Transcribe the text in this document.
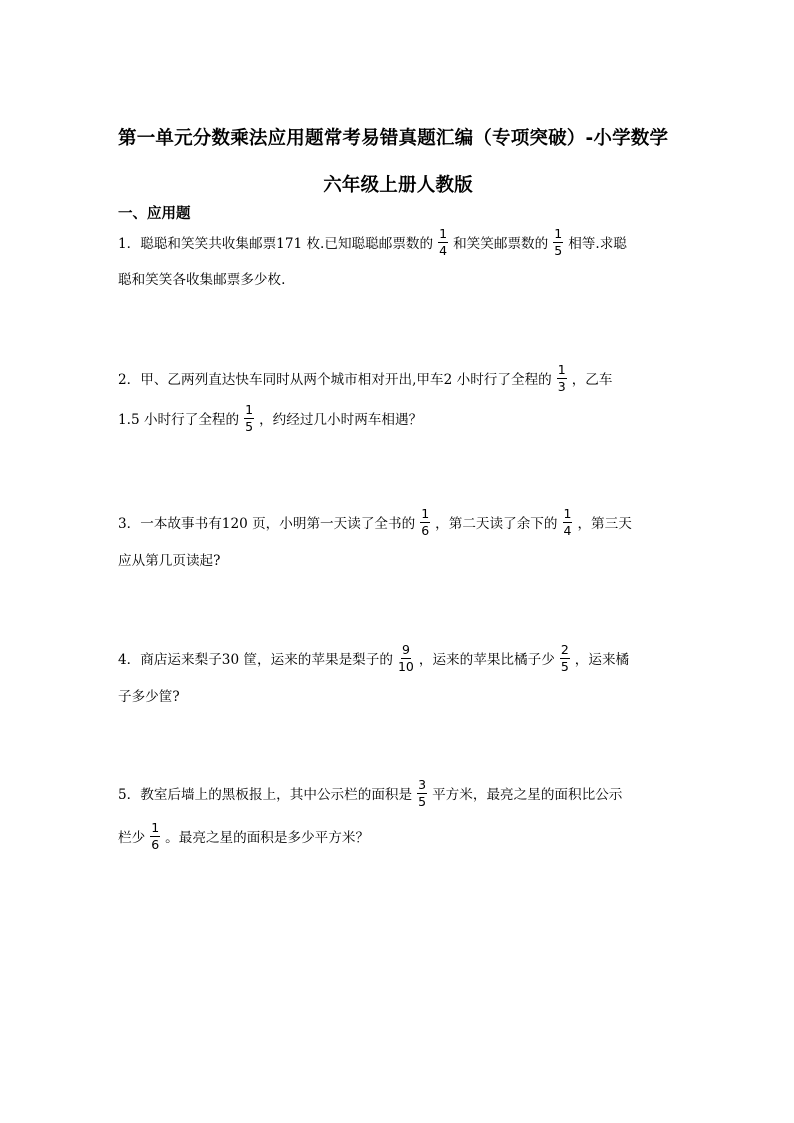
第一单元分数乘法应用题常考易错真题汇编（专项突破）-小学数学
六年级上册人教版
一、应用题
1．聪聪和笑笑共收集邮票171 枚.已知聪聪邮票数的 $\frac{1}{4}$ 和笑笑邮票数的 $\frac{1}{5}$ 相等.求聪
聪和笑笑各收集邮票多少枚.
2．甲、乙两列直达快车同时从两个城市相对开出,甲车2 小时行了全程的 $\frac{1}{3}$ ，乙车
1.5 小时行了全程的 $\frac{1}{5}$ ，约经过几小时两车相遇？
3．一本故事书有120 页，小明第一天读了全书的 $\frac{1}{6}$ ，第二天读了余下的 $\frac{1}{4}$ ，第三天
应从第几页读起?
4．商店运来梨子30 筐，运来的苹果是梨子的 $\frac{9}{10}$ ，运来的苹果比橘子少 $\frac{2}{5}$ ，运来橘
子多少筐?
5．教室后墙上的黑板报上，其中公示栏的面积是 $\frac{3}{5}$ 平方米，最亮之星的面积比公示
栏少 $\frac{1}{6}$ 。最亮之星的面积是多少平方米？
